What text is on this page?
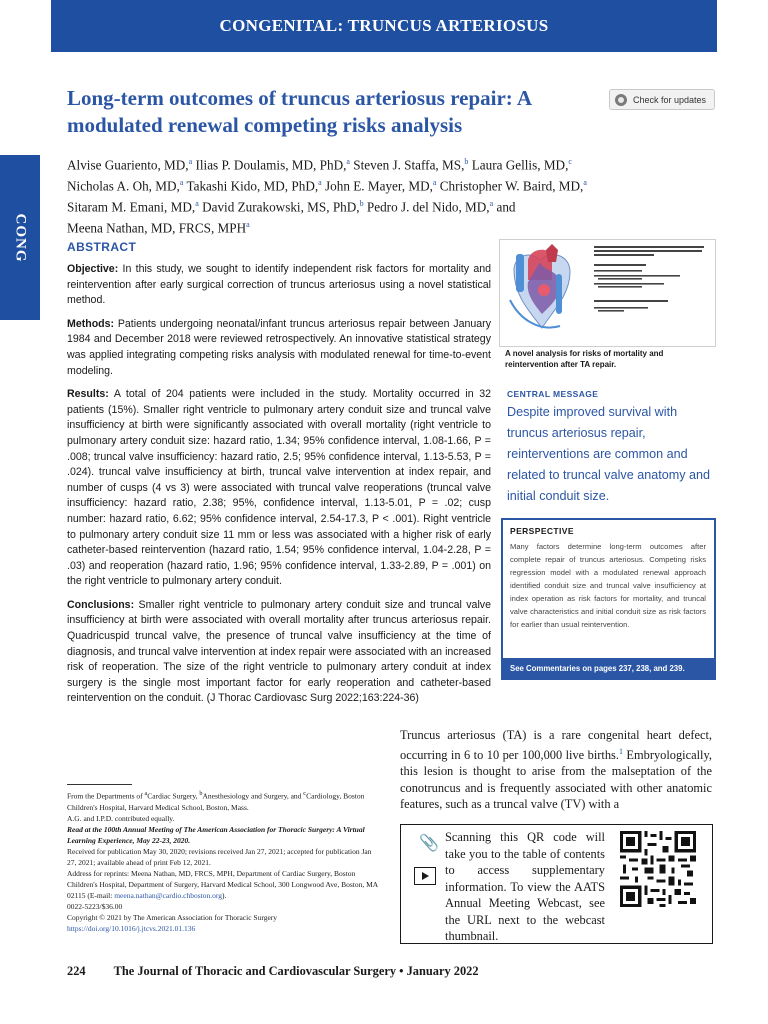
CONGENITAL: TRUNCUS ARTERIOSUS
CONG
Long-term outcomes of truncus arteriosus repair: A modulated renewal competing risks analysis
Check for updates
Alvise Guariento, MD,$^a$ Ilias P. Doulamis, MD, PhD,$^a$ Steven J. Staffa, MS,$^b$ Laura Gellis, MD,$^c$
Nicholas A. Oh, MD,$^a$ Takashi Kido, MD, PhD,$^a$ John E. Mayer, MD,$^a$ Christopher W. Baird, MD,$^a$
Sitaram M. Emani, MD,$^a$ David Zurakowski, MS, PhD,$^b$ Pedro J. del Nido, MD,$^a$ and
Meena Nathan, MD, FRCS, MPH$^a$
ABSTRACT

Objective: In this study, we sought to identify independent risk factors for mortality and reintervention after early surgical correction of truncus arteriosus using a novel statistical method.

Methods: Patients undergoing neonatal/infant truncus arteriosus repair between January 1984 and December 2018 were reviewed retrospectively. An innovative statistical strategy was applied integrating competing risks analysis with modulated renewal for time-to-event modeling.

Results: A total of 204 patients were included in the study. Mortality occurred in 32 patients (15%). Smaller right ventricle to pulmonary artery conduit size and truncal valve insufficiency at birth were significantly associated with overall mortality (right ventricle to pulmonary artery conduit size: hazard ratio, 1.34; 95% confidence interval, 1.08-1.66, P = .008; truncal valve insufficiency: hazard ratio, 2.5; 95% confidence interval, 1.13-5.53, P = .024). truncal valve insufficiency at birth, truncal valve intervention at index repair, and number of cusps (4 vs 3) were associated with truncal valve reoperations (truncal valve insufficiency: hazard ratio, 2.38; 95%, confidence interval, 1.13-5.01, P = .02; cusp number: hazard ratio, 6.62; 95% confidence interval, 2.54-17.3, P < .001). Right ventricle to pulmonary artery conduit size 11 mm or less was associated with a higher risk of early catheter-based reintervention (hazard ratio, 1.54; 95% confidence interval, 1.04-2.28, P = .03) and reoperation (hazard ratio, 1.96; 95% confidence interval, 1.33-2.89, P = .001) on the right ventricle to pulmonary artery conduit.

Conclusions: Smaller right ventricle to pulmonary artery conduit size and truncal valve insufficiency at birth were associated with overall mortality after truncus arteriosus repair. Quadricuspid truncal valve, the presence of truncal valve insufficiency at the time of diagnosis, and truncal valve intervention at index repair were associated with an increased risk of reoperation. The size of the right ventricle to pulmonary artery conduit at index surgery is the single most important factor for early reoperation and catheter-based reintervention on the conduit. (J Thorac Cardiovasc Surg 2022;163:224-36)

A novel analysis for risks of mortality and reintervention after TA repair.
CENTRAL MESSAGE
Despite improved survival with truncus arteriosus repair, reinterventions are common and related to truncal valve anatomy and initial conduit size.
PERSPECTIVE
Many factors determine long-term outcomes after complete repair of truncus arteriosus. Competing risks regression model with a modulated renewal approach identified conduit size and truncal valve insufficiency at index operation as risk factors for mortality, and truncal valve characteristics and initial conduit size as risk factors for earlier than usual reintervention.
See Commentaries on pages 237, 238, and 239.
Truncus arteriosus (TA) is a rare congenital heart defect, occurring in 6 to 10 per 100,000 live births.$^1$ Embryologically, this lesion is thought to arise from the malseptation of the conotruncus and is frequently associated with other anatomic features, such as a truncal valve (TV) with a
From the Departments of $^a$Cardiac Surgery, $^b$Anesthesiology and Surgery, and $^c$Cardiology, Boston Children's Hospital, Harvard Medical School, Boston, Mass.
A.G. and I.P.D. contributed equally.
Read at the 100th Annual Meeting of The American Association for Thoracic Surgery: A Virtual Learning Experience, May 22-23, 2020.
Received for publication May 30, 2020; revisions received Jan 27, 2021; accepted for publication Jan 27, 2021; available ahead of print Feb 12, 2021.
Address for reprints: Meena Nathan, MD, FRCS, MPH, Department of Cardiac Surgery, Boston Children's Hospital, Department of Surgery, Harvard Medical School, 300 Longwood Ave, Boston, MA 02115 (E-mail: meena.nathan@cardio.chboston.org).
0022-5223/$36.00
Copyright © 2021 by The American Association for Thoracic Surgery
https://doi.org/10.1016/j.jtcvs.2021.01.136
📎 Scanning this QR code will take you to the table of contents to access supplementary information. To view the AATS Annual Meeting Webcast, see the URL next to the webcast thumbnail.
224 The Journal of Thoracic and Cardiovascular Surgery • January 2022
